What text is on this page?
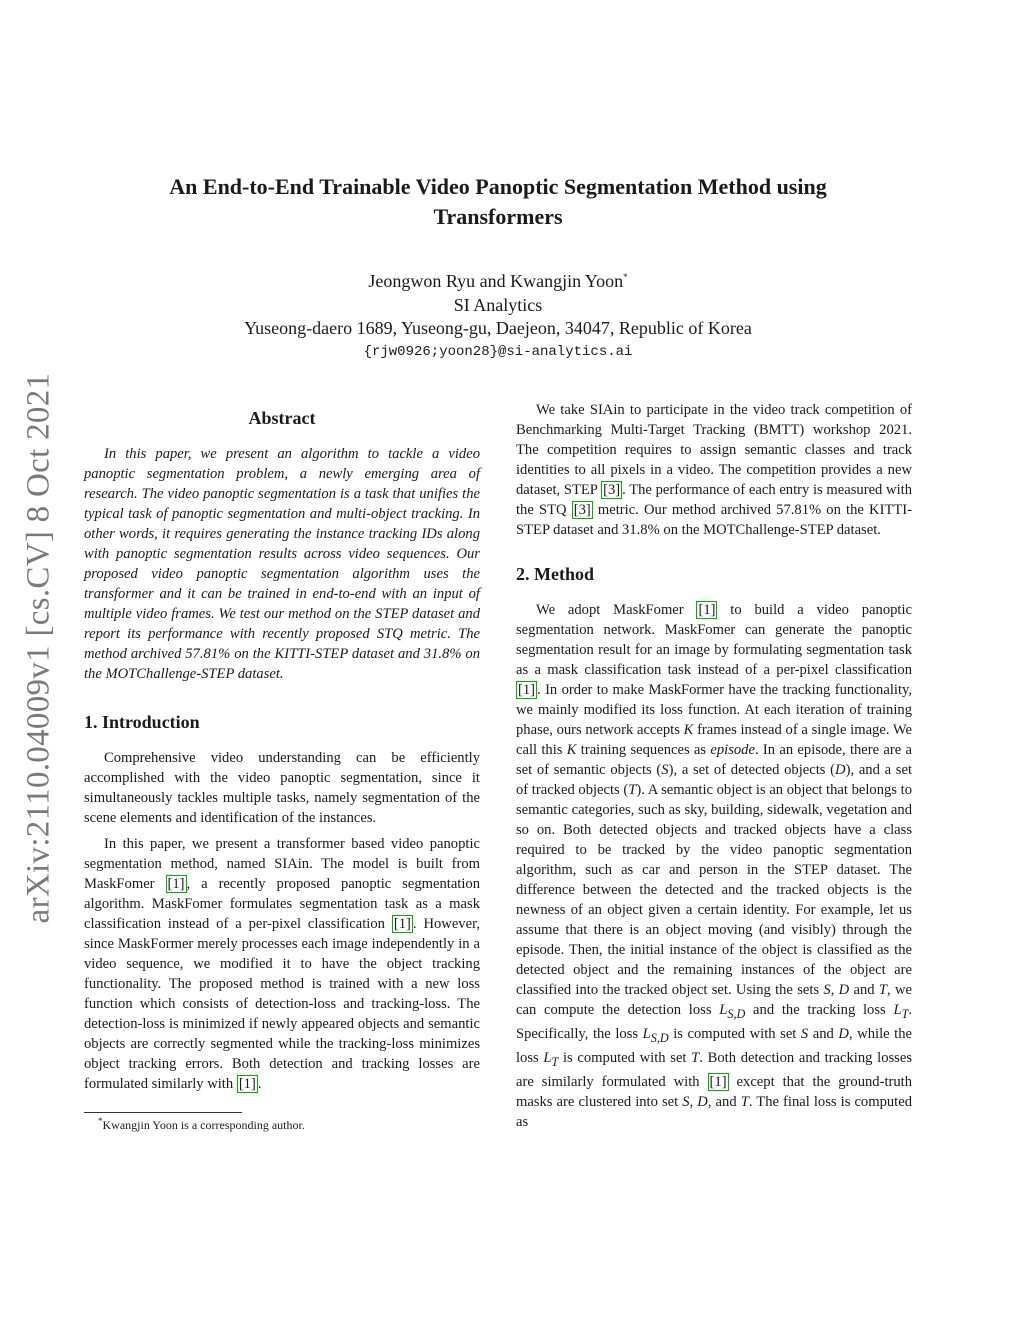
arXiv:2110.04009v1 [cs.CV] 8 Oct 2021
An End-to-End Trainable Video Panoptic Segmentation Method using
Transformers
Jeongwon Ryu and Kwangjin Yoon*
SI Analytics
Yuseong-daero 1689, Yuseong-gu, Daejeon, 34047, Republic of Korea
{rjw0926;yoon28}@si-analytics.ai
Abstract

In this paper, we present an algorithm to tackle a video panoptic segmentation problem, a newly emerging area of research. The video panoptic segmentation is a task that unifies the typical task of panoptic segmentation and multi-object tracking. In other words, it requires generating the instance tracking IDs along with panoptic segmentation results across video sequences. Our proposed video panoptic segmentation algorithm uses the transformer and it can be trained in end-to-end with an input of multiple video frames. We test our method on the STEP dataset and report its performance with recently proposed STQ metric. The method archived 57.81% on the KITTI-STEP dataset and 31.8% on the MOTChallenge-STEP dataset.

1. Introduction

Comprehensive video understanding can be efficiently accomplished with the video panoptic segmentation, since it simultaneously tackles multiple tasks, namely segmentation of the scene elements and identification of the instances.

In this paper, we present a transformer based video panoptic segmentation method, named SIAin. The model is built from MaskFomer [1] , a recently proposed panoptic segmentation algorithm. MaskFomer formulates segmentation task as a mask classification instead of a per-pixel classification [1] . However, since MaskFormer merely processes each image independently in a video sequence, we modified it to have the object tracking functionality. The proposed method is trained with a new loss function which consists of detection-loss and tracking-loss. The detection-loss is minimized if newly appeared objects and semantic objects are correctly segmented while the tracking-loss minimizes object tracking errors. Both detection and tracking losses are formulated similarly with [1] .

*Kwangjin Yoon is a corresponding author.

We take SIAin to participate in the video track competition of Benchmarking Multi-Target Tracking (BMTT) workshop 2021. The competition requires to assign semantic classes and track identities to all pixels in a video. The competition provides a new dataset, STEP [3] . The performance of each entry is measured with the STQ [3] metric. Our method archived 57.81% on the KITTI-STEP dataset and 31.8% on the MOTChallenge-STEP dataset.

2. Method

We adopt MaskFomer [1] to build a video panoptic segmentation network. MaskFomer can generate the panoptic segmentation result for an image by formulating segmentation task as a mask classification task instead of a per-pixel classification [1] . In order to make MaskFormer have the tracking functionality, we mainly modified its loss function. At each iteration of training phase, ours network accepts K frames instead of a single image. We call this K training sequences as episode. In an episode, there are a set of semantic objects (S), a set of detected objects (D), and a set of tracked objects (T). A semantic object is an object that belongs to semantic categories, such as sky, building, sidewalk, vegetation and so on. Both detected objects and tracked objects have a class required to be tracked by the video panoptic segmentation algorithm, such as car and person in the STEP dataset. The difference between the detected and the tracked objects is the newness of an object given a certain identity. For example, let us assume that there is an object moving (and visibly) through the episode. Then, the initial instance of the object is classified as the detected object and the remaining instances of the object are classified into the tracked object set. Using the sets S, D and T, we can compute the detection loss $L_{S,D}$ and the tracking loss $L_T$. Specifically, the loss $L_{S,D}$ is computed with set S and D, while the loss $L_T$ is computed with set T. Both detection and tracking losses are similarly formulated with [1] except that the ground-truth masks are clustered into set S, D, and T. The final loss is computed as
